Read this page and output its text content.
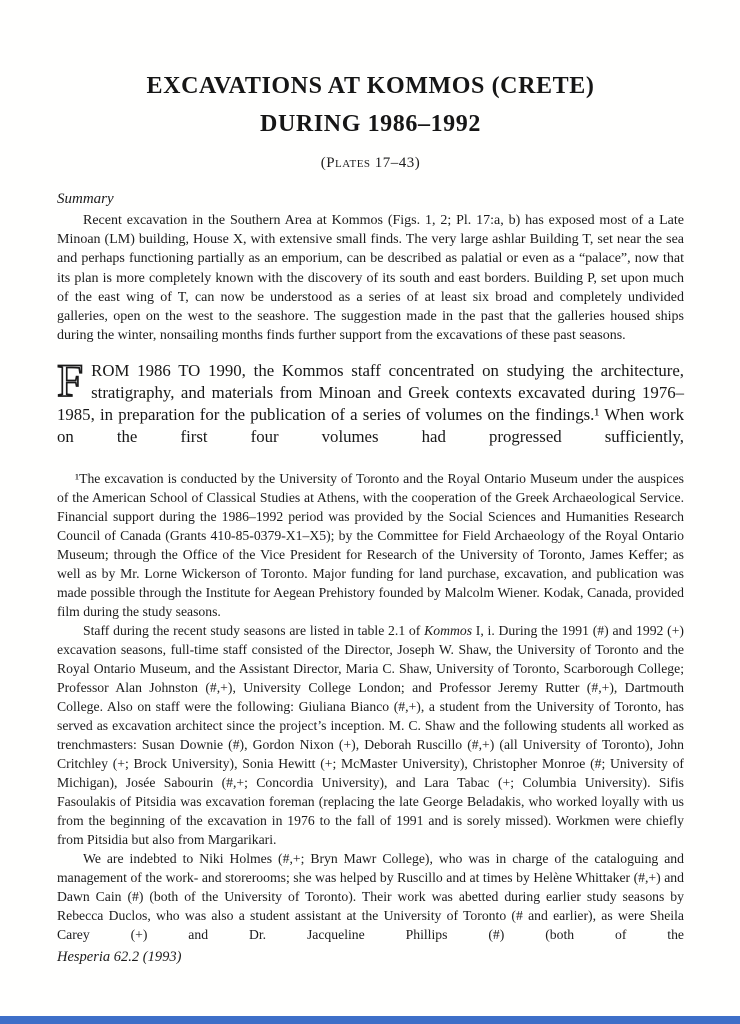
EXCAVATIONS AT KOMMOS (CRETE)
DURING 1986–1992
(Plates 17–43)
Summary

Recent excavation in the Southern Area at Kommos (Figs. 1, 2; Pl. 17:a, b) has exposed most of a Late Minoan (LM) building, House X, with extensive small finds. The very large ashlar Building T, set near the sea and perhaps functioning partially as an emporium, can be described as palatial or even as a “palace”, now that its plan is more completely known with the discovery of its south and east borders. Building P, set upon much of the east wing of T, can now be understood as a series of at least six broad and completely undivided galleries, open on the west to the seashore. The suggestion made in the past that the galleries housed ships during the winter, nonsailing months finds further support from the excavations of these past seasons.

FROM 1986 TO 1990, the Kommos staff concentrated on studying the architecture, stratigraphy, and materials from Minoan and Greek contexts excavated during 1976–1985, in preparation for the publication of a series of volumes on the findings.¹ When work on the first four volumes had progressed sufficiently,

¹The excavation is conducted by the University of Toronto and the Royal Ontario Museum under the auspices of the American School of Classical Studies at Athens, with the cooperation of the Greek Archaeological Service. Financial support during the 1986–1992 period was provided by the Social Sciences and Humanities Research Council of Canada (Grants 410-85-0379-X1–X5); by the Committee for Field Archaeology of the Royal Ontario Museum; through the Office of the Vice President for Research of the University of Toronto, James Keffer; as well as by Mr. Lorne Wickerson of Toronto. Major funding for land purchase, excavation, and publication was made possible through the Institute for Aegean Prehistory founded by Malcolm Wiener. Kodak, Canada, provided film during the study seasons.

Staff during the recent study seasons are listed in table 2.1 of Kommos I, i. During the 1991 (#) and 1992 (+) excavation seasons, full-time staff consisted of the Director, Joseph W. Shaw, the University of Toronto and the Royal Ontario Museum, and the Assistant Director, Maria C. Shaw, University of Toronto, Scarborough College; Professor Alan Johnston (#,+), University College London; and Professor Jeremy Rutter (#,+), Dartmouth College. Also on staff were the following: Giuliana Bianco (#,+), a student from the University of Toronto, has served as excavation architect since the project’s inception. M. C. Shaw and the following students all worked as trenchmasters: Susan Downie (#), Gordon Nixon (+), Deborah Ruscillo (#,+) (all University of Toronto), John Critchley (+; Brock University), Sonia Hewitt (+; McMaster University), Christopher Monroe (#; University of Michigan), Josée Sabourin (#,+; Concordia University), and Lara Tabac (+; Columbia University). Sifis Fasoulakis of Pitsidia was excavation foreman (replacing the late George Beladakis, who worked loyally with us from the beginning of the excavation in 1976 to the fall of 1991 and is sorely missed). Workmen were chiefly from Pitsidia but also from Margarikari.

We are indebted to Niki Holmes (#,+; Bryn Mawr College), who was in charge of the cataloguing and management of the work- and storerooms; she was helped by Ruscillo and at times by Helène Whittaker (#,+) and Dawn Cain (#) (both of the University of Toronto). Their work was abetted during earlier study seasons by Rebecca Duclos, who was also a student assistant at the University of Toronto (# and earlier), as were Sheila Carey (+) and Dr. Jacqueline Phillips (#) (both of the

Hesperia 62.2 (1993)
